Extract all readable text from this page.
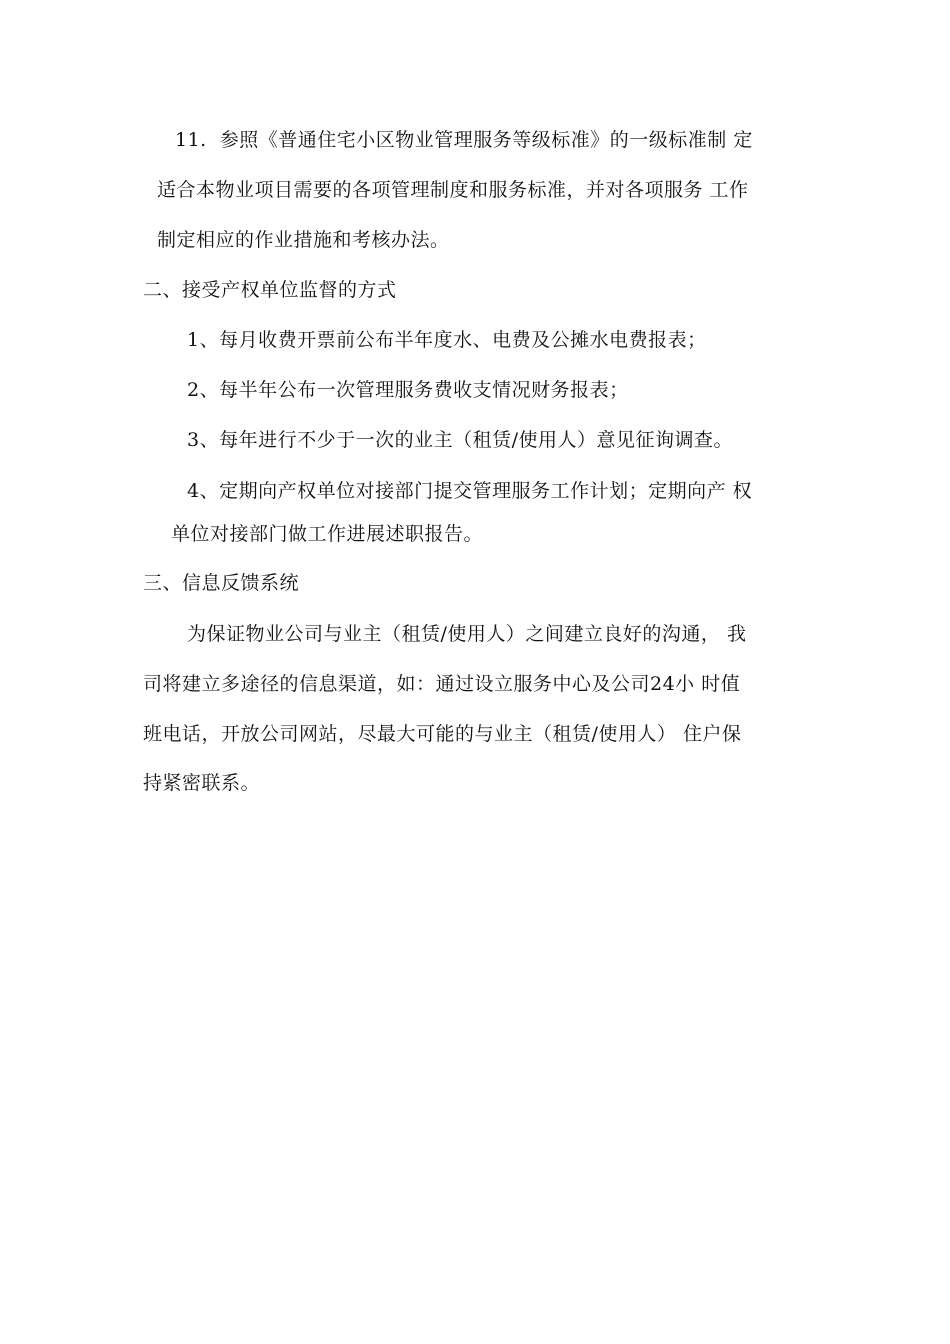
11.  参照《普通住宅小区物业管理服务等级标准》的一级标准制 定
适合本物业项目需要的各项管理制度和服务标准，并对各项服务 工作
制定相应的作业措施和考核办法。
二、接受产权单位监督的方式
1、每月收费开票前公布半年度水、电费及公摊水电费报表；
2、每半年公布一次管理服务费收支情况财务报表；
3、每年进行不少于一次的业主（租赁/使用人）意见征询调查。
4、定期向产权单位对接部门提交管理服务工作计划；定期向产 权
单位对接部门做工作进展述职报告。
三、信息反馈系统
为保证物业公司与业主（租赁/使用人）之间建立良好的沟通， 我
司将建立多途径的信息渠道，如：通过设立服务中心及公司24小 时值
班电话，开放公司网站，尽最大可能的与业主（租赁/使用人） 住户保
持紧密联系。
